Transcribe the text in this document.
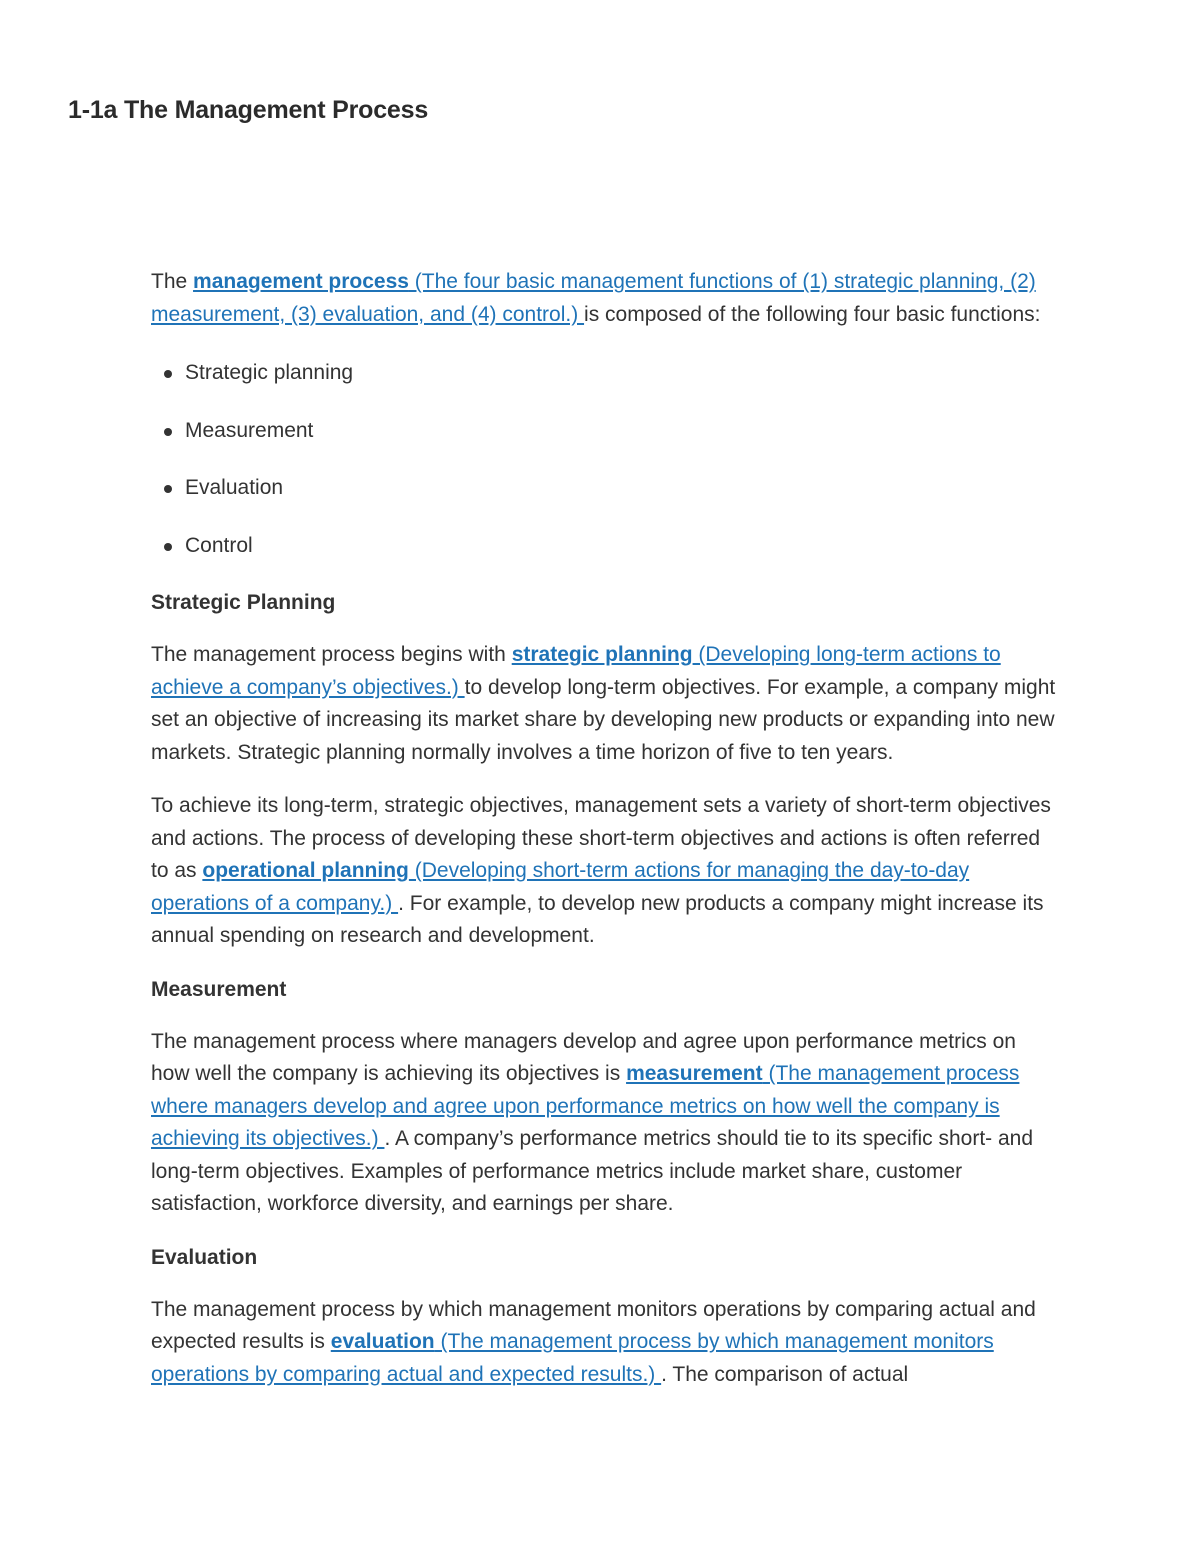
1-1a The Management Process

The management process (The four basic management functions of (1) strategic planning, (2) measurement, (3) evaluation, and (4) control.) is composed of the following four basic functions:

Strategic planning
Measurement
Evaluation
Control
Strategic Planning

The management process begins with strategic planning (Developing long-term actions to achieve a company’s objectives.) to develop long-term objectives. For example, a company might set an objective of increasing its market share by developing new products or expanding into new markets. Strategic planning normally involves a time horizon of five to ten years.

To achieve its long-term, strategic objectives, management sets a variety of short-term objectives and actions. The process of developing these short-term objectives and actions is often referred to as operational planning (Developing short-term actions for managing the day-to-day operations of a company.) . For example, to develop new products a company might increase its annual spending on research and development.

Measurement

The management process where managers develop and agree upon performance metrics on how well the company is achieving its objectives is measurement (The management process where managers develop and agree upon performance metrics on how well the company is achieving its objectives.) . A company’s performance metrics should tie to its specific short- and long-term objectives. Examples of performance metrics include market share, customer satisfaction, workforce diversity, and earnings per share.

Evaluation

The management process by which management monitors operations by comparing actual and expected results is evaluation (The management process by which management monitors operations by comparing actual and expected results.) . The comparison of actual
